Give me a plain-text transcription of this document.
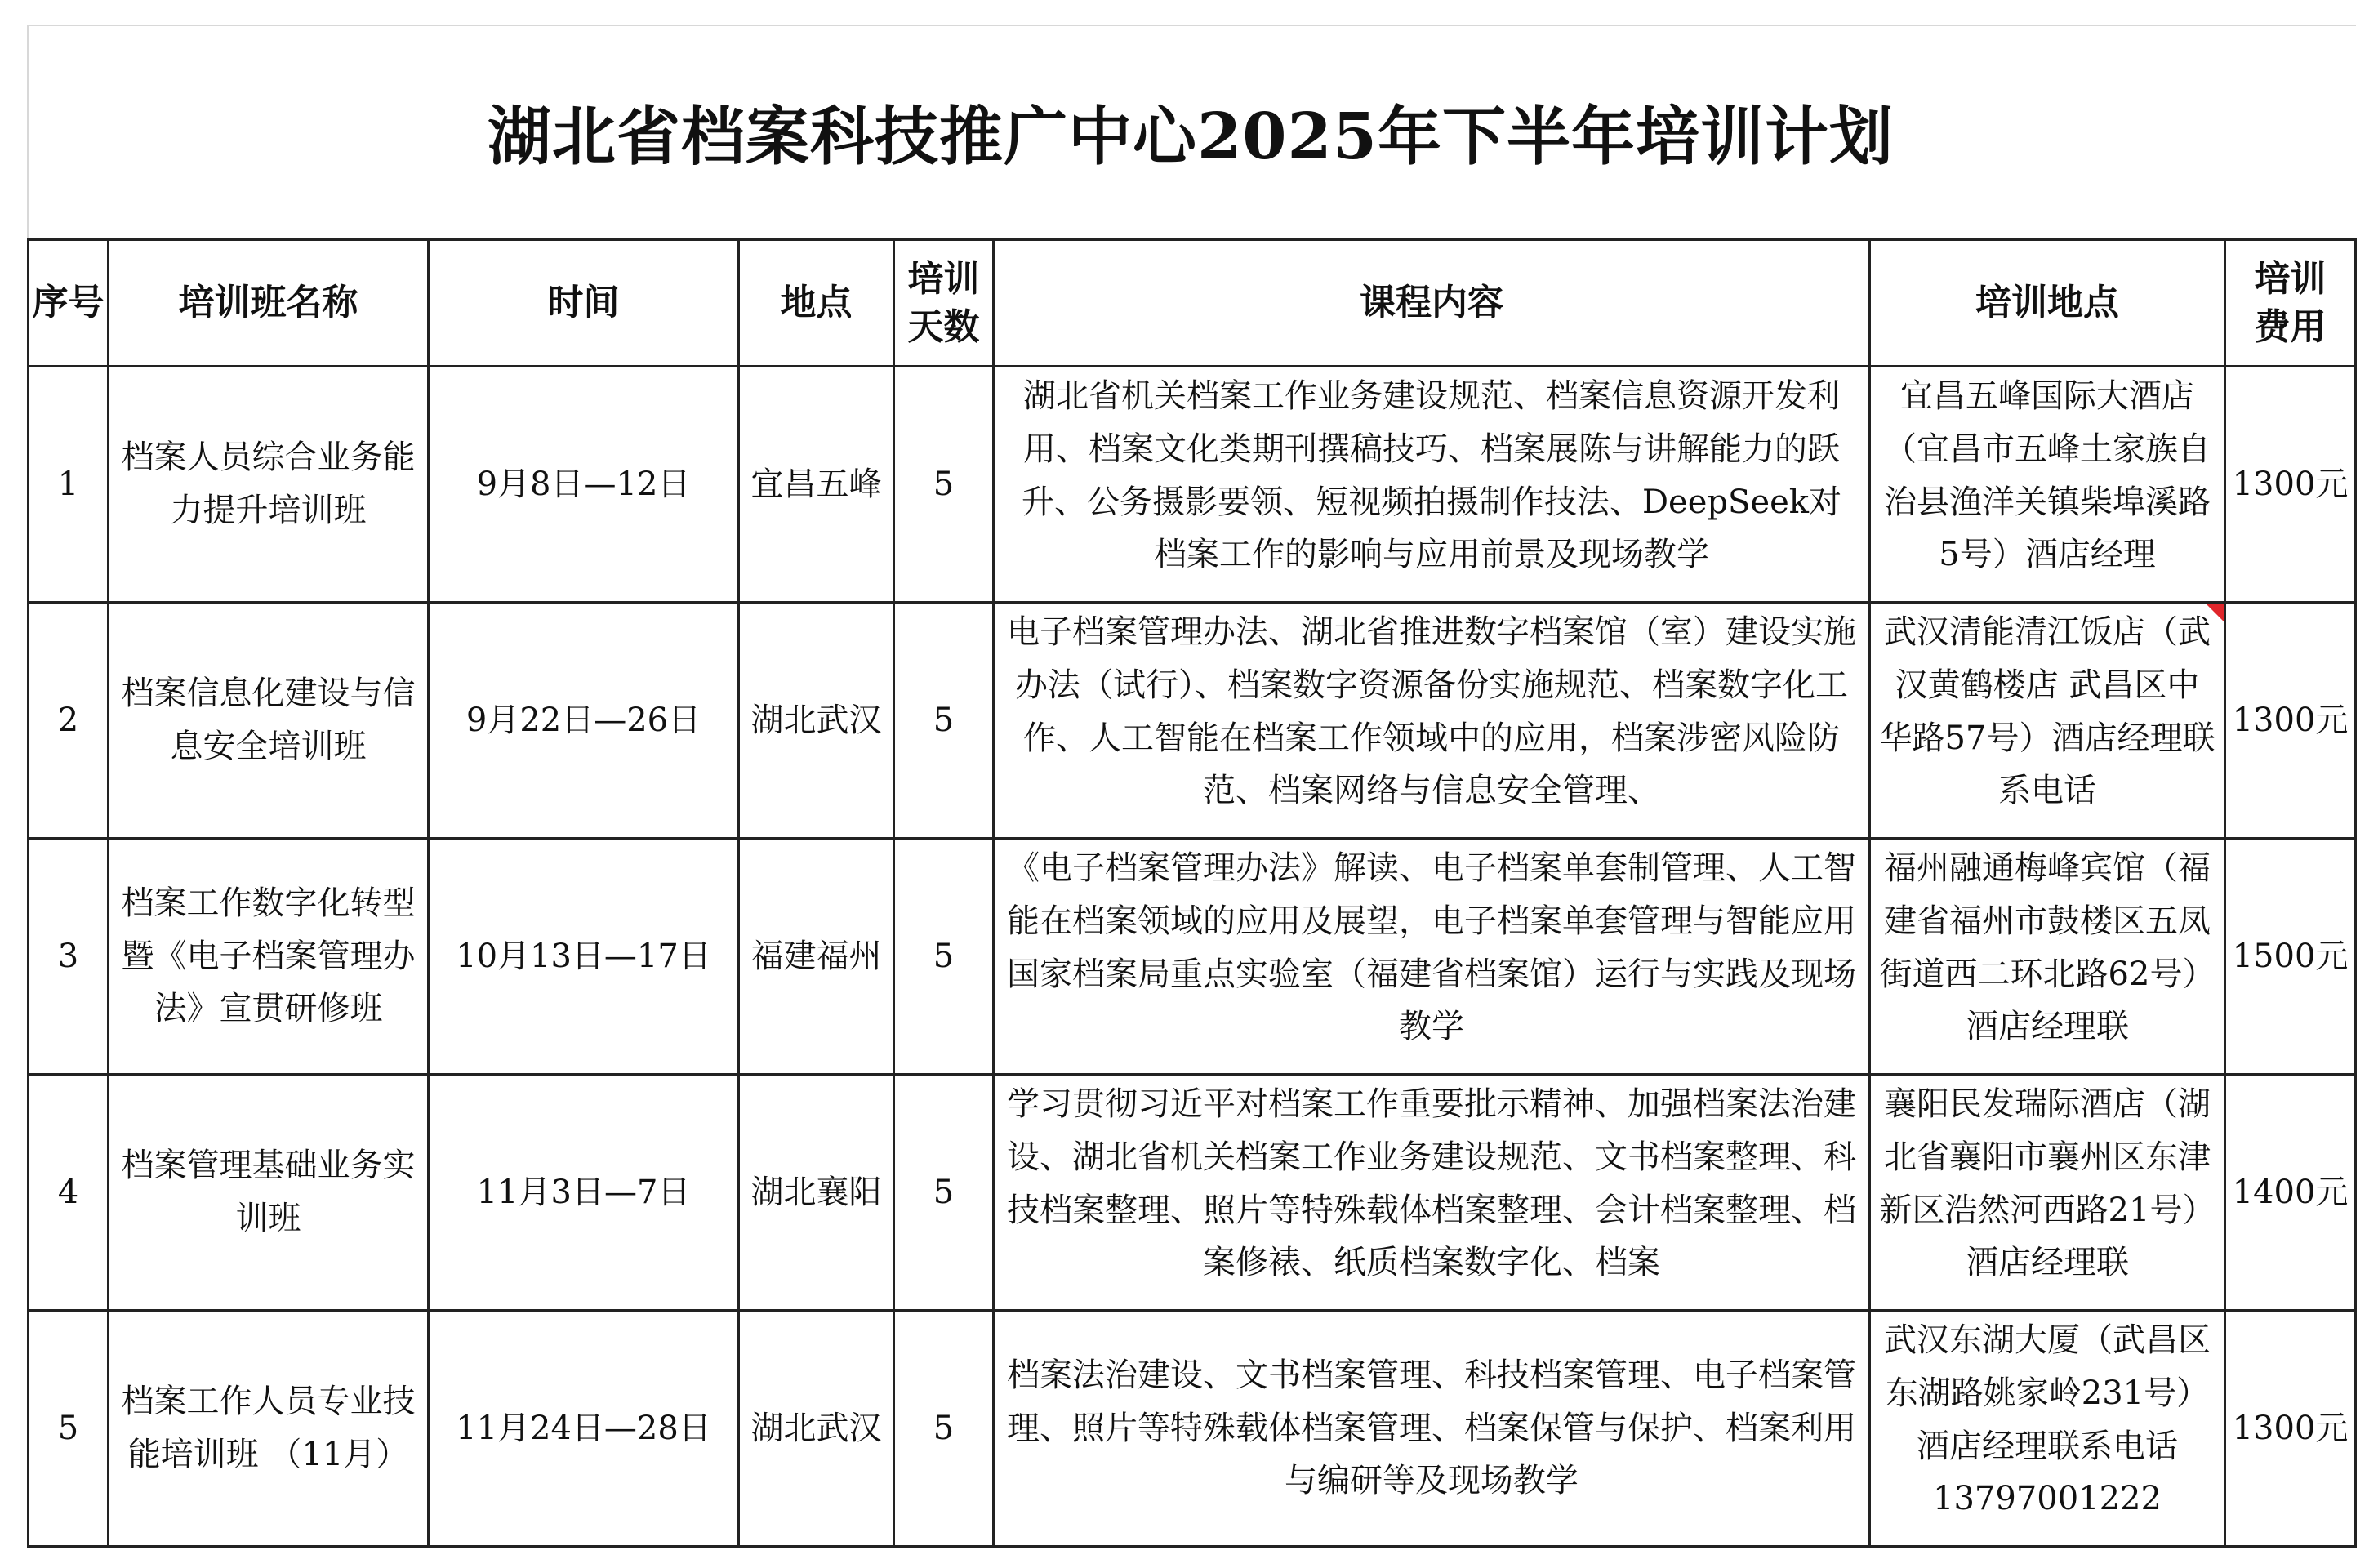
湖北省档案科技推广中心2025年下半年培训计划
序号	培训班名称	时间	地点	培训天数	课程内容	培训地点	培训费用

1	档案人员综合业务能力提升培训班	9月8日—12日	宜昌五峰	5	湖北省机关档案工作业务建设规范、档案信息资源开发利用、档案文化类期刊撰稿技巧、档案展陈与讲解能力的跃升、公务摄影要领、短视频拍摄制作技法、DeepSeek对档案工作的影响与应用前景及现场教学	宜昌五峰国际大酒店（宜昌市五峰土家族自治县渔洋关镇柴埠溪路5号）酒店经理	1300元
2	档案信息化建设与信息安全培训班	9月22日—26日	湖北武汉	5	电子档案管理办法、湖北省推进数字档案馆（室）建设实施办法（试行）、档案数字资源备份实施规范、档案数字化工作、人工智能在档案工作领域中的应用，档案涉密风险防范、档案网络与信息安全管理、	武汉清能清江饭店（武汉黄鹤楼店 武昌区中华路57号）酒店经理联系电话	1300元
3	档案工作数字化转型暨《电子档案管理办法》宣贯研修班	10月13日—17日	福建福州	5	《电子档案管理办法》解读、电子档案单套制管理、人工智能在档案领域的应用及展望，电子档案单套管理与智能应用国家档案局重点实验室（福建省档案馆）运行与实践及现场教学	福州融通梅峰宾馆（福建省福州市鼓楼区五凤街道西二环北路62号）酒店经理联	1500元
4	档案管理基础业务实训班	11月3日—7日	湖北襄阳	5	学习贯彻习近平对档案工作重要批示精神、加强档案法治建设、湖北省机关档案工作业务建设规范、文书档案整理、科技档案整理、照片等特殊载体档案整理、会计档案整理、档案修裱、纸质档案数字化、档案	襄阳民发瑞际酒店（湖北省襄阳市襄州区东津新区浩然河西路21号）酒店经理联	1400元
5	档案工作人员专业技能培训班 （11月）	11月24日—28日	湖北武汉	5	档案法治建设、文书档案管理、科技档案管理、电子档案管理、照片等特殊载体档案管理、档案保管与保护、档案利用与编研等及现场教学	武汉东湖大厦（武昌区东湖路姚家岭231号）酒店经理联系电话13797001222	1300元
